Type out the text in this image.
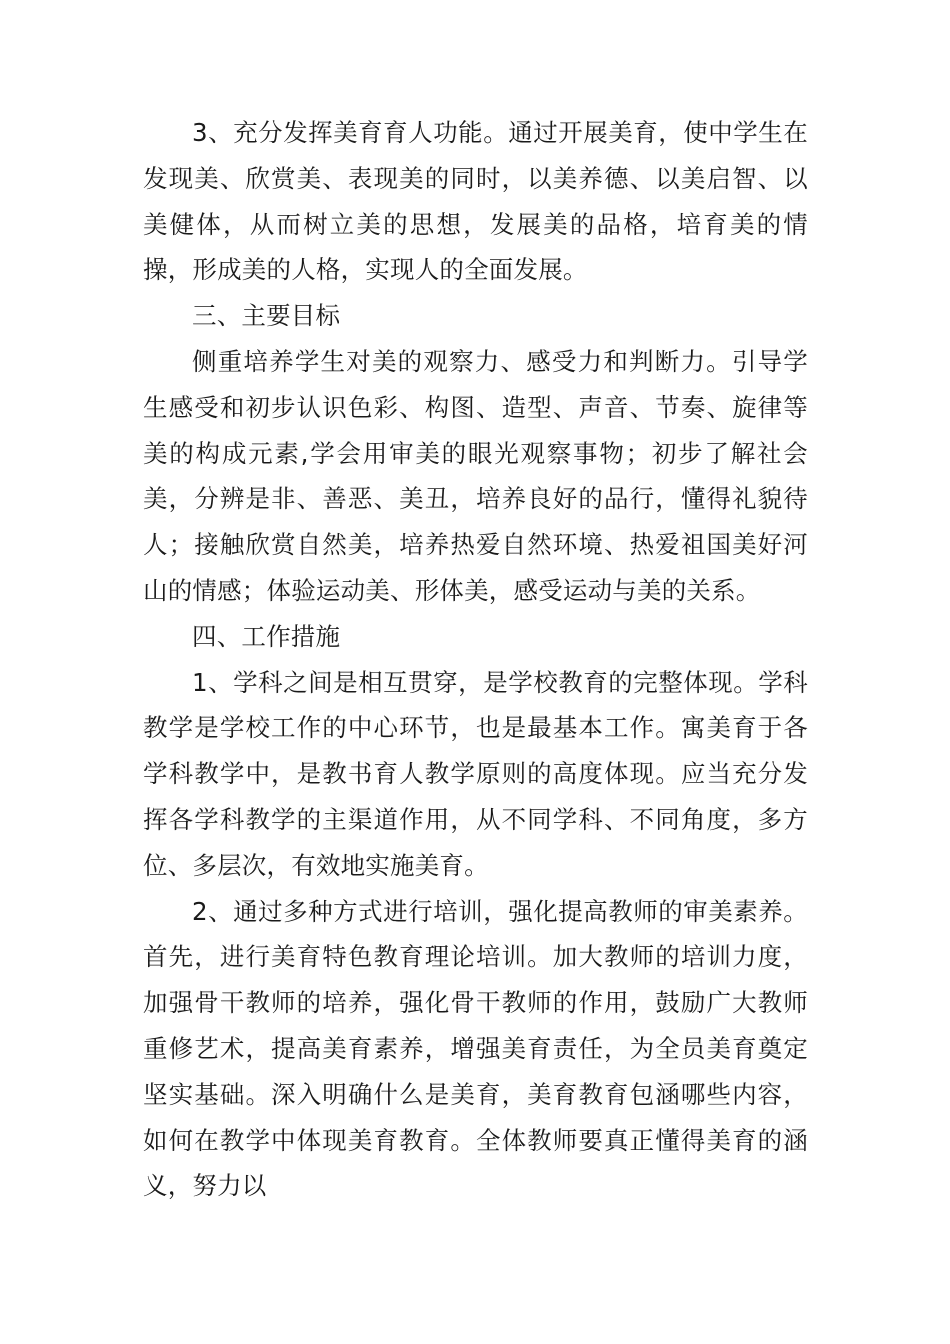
3、充分发挥美育育人功能。通过开展美育，使中学生在发现美、欣赏美、表现美的同时，以美养德、以美启智、以美健体，从而树立美的思想，发展美的品格，培育美的情操，形成美的人格，实现人的全面发展。

三、主要目标

侧重培养学生对美的观察力、感受力和判断力。引导学生感受和初步认识色彩、构图、造型、声音、节奏、旋律等美的构成元素,学会用审美的眼光观察事物；初步了解社会美，分辨是非、善恶、美丑，培养良好的品行，懂得礼貌待人；接触欣赏自然美，培养热爱自然环境、热爱祖国美好河山的情感；体验运动美、形体美，感受运动与美的关系。

四、工作措施

1、学科之间是相互贯穿，是学校教育的完整体现。学科教学是学校工作的中心环节，也是最基本工作。寓美育于各学科教学中，是教书育人教学原则的高度体现。应当充分发挥各学科教学的主渠道作用，从不同学科、不同角度，多方位、多层次，有效地实施美育。

2、通过多种方式进行培训，强化提高教师的审美素养。首先，进行美育特色教育理论培训。加大教师的培训力度，加强骨干教师的培养，强化骨干教师的作用，鼓励广大教师重修艺术，提高美育素养，增强美育责任，为全员美育奠定坚实基础。深入明确什么是美育，美育教育包涵哪些内容，如何在教学中体现美育教育。全体教师要真正懂得美育的涵义，努力以
